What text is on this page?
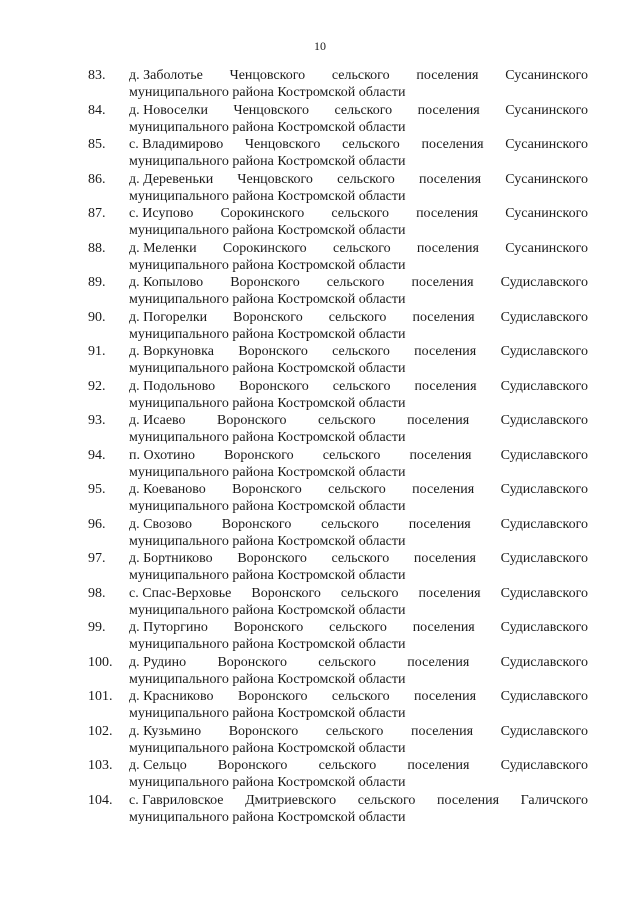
10
83.	д. Заболотье Ченцовского сельского поселения Сусанинского
муниципального района Костромской области
84.	д. Новоселки Ченцовского сельского поселения Сусанинского
муниципального района Костромской области
85.	с. Владимирово Ченцовского сельского поселения Сусанинского
муниципального района Костромской области
86.	д. Деревеньки Ченцовского сельского поселения Сусанинского
муниципального района Костромской области
87.	с. Исупово Сорокинского сельского поселения Сусанинского
муниципального района Костромской области
88.	д. Меленки Сорокинского сельского поселения Сусанинского
муниципального района Костромской области
89.	д. Копылово Воронского сельского поселения Судиславского
муниципального района Костромской области
90.	д. Погорелки Воронского сельского поселения Судиславского
муниципального района Костромской области
91.	д. Воркуновка Воронского сельского поселения Судиславского
муниципального района Костромской области
92.	д. Подольново Воронского сельского поселения Судиславского
муниципального района Костромской области
93.	д. Исаево Воронского сельского поселения Судиславского
муниципального района Костромской области
94.	п. Охотино Воронского сельского поселения Судиславского
муниципального района Костромской области
95.	д. Коеваново Воронского сельского поселения Судиславского
муниципального района Костромской области
96.	д. Свозово Воронского сельского поселения Судиславского
муниципального района Костромской области
97.	д. Бортниково Воронского сельского поселения Судиславского
муниципального района Костромской области
98.	с. Спас-Верховье Воронского сельского поселения Судиславского
муниципального района Костромской области
99.	д. Путоргино Воронского сельского поселения Судиславского
муниципального района Костромской области
100.	д. Рудино Воронского сельского поселения Судиславского
муниципального района Костромской области
101.	д. Красниково Воронского сельского поселения Судиславского
муниципального района Костромской области
102.	д. Кузьмино Воронского сельского поселения Судиславского
муниципального района Костромской области
103.	д. Сельцо Воронского сельского поселения Судиславского
муниципального района Костромской области
104.	с. Гавриловское Дмитриевского сельского поселения Галичского
муниципального района Костромской области
